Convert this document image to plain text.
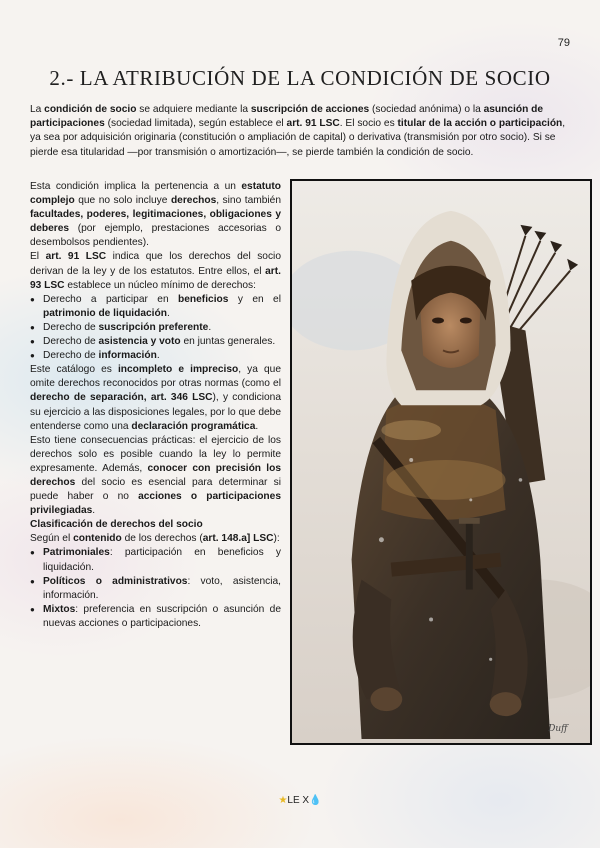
79
2.- LA ATRIBUCIÓN DE LA CONDICIÓN DE SOCIO

La condición de socio se adquiere mediante la suscripción de acciones (sociedad anónima) o la asunción de participaciones (sociedad limitada), según establece el art. 91 LSC. El socio es titular de la acción o participación, ya sea por adquisición originaria (constitución o ampliación de capital) o derivativa (transmisión por otro socio). Si se pierde esa titularidad —por transmisión o amortización—, se pierde también la condición de socio.

Esta condición implica la pertenencia a un estatuto complejo que no solo incluye derechos, sino también facultades, poderes, legitimaciones, obligaciones y deberes (por ejemplo, prestaciones accesorias o desembolsos pendientes).

El art. 91 LSC indica que los derechos del socio derivan de la ley y de los estatutos. Entre ellos, el art. 93 LSC establece un núcleo mínimo de derechos:

● Derecho a participar en beneficios y en el patrimonio de liquidación.
● Derecho de suscripción preferente.
● Derecho de asistencia y voto en juntas generales.
● Derecho de información.

Este catálogo es incompleto e impreciso, ya que omite derechos reconocidos por otras normas (como el derecho de separación, art. 346 LSC), y condiciona su ejercicio a las disposiciones legales, por lo que debe entenderse como una declaración programática.

Esto tiene consecuencias prácticas: el ejercicio de los derechos solo es posible cuando la ley lo permite expresamente. Además, conocer con precisión los derechos del socio es esencial para determinar si puede haber o no acciones o participaciones privilegiadas.

Clasificación de derechos del socio

Según el contenido de los derechos (art. 148.a] LSC):

● Patrimoniales: participación en beneficios y liquidación.
● Políticos o administrativos: voto, asistencia, información.
● Mixtos: preferencia en suscripción o asunción de nuevas acciones o participaciones.
Duff
★LE X💧
